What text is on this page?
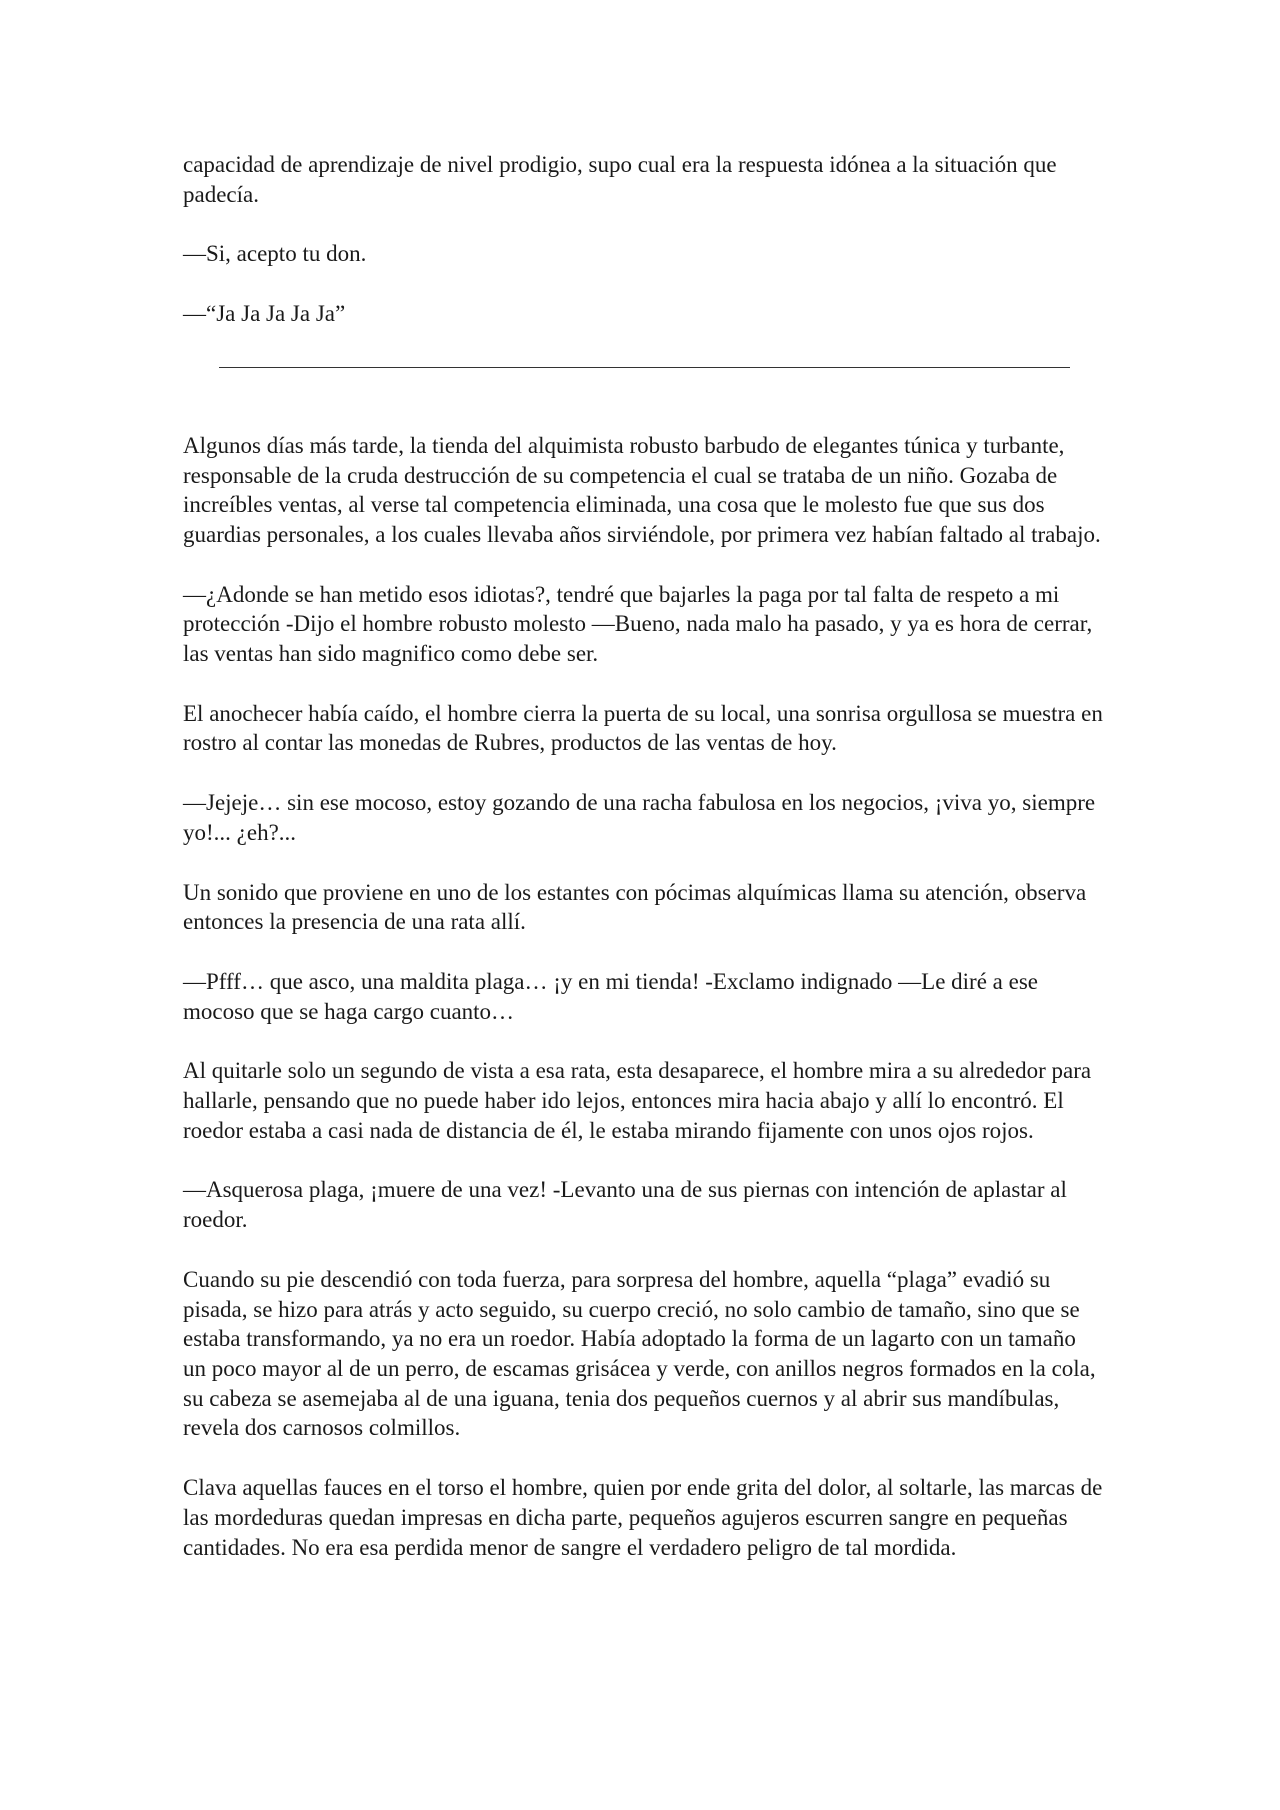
capacidad de aprendizaje de nivel prodigio, supo cual era la respuesta idónea a la situación que padecía.

—Si, acepto tu don.

—“Ja Ja Ja Ja Ja”

Algunos días más tarde, la tienda del alquimista robusto barbudo de elegantes túnica y turbante, responsable de la cruda destrucción de su competencia el cual se trataba de un niño. Gozaba de increíbles ventas, al verse tal competencia eliminada, una cosa que le molesto fue que sus dos guardias personales, a los cuales llevaba años sirviéndole, por primera vez habían faltado al trabajo.

—¿Adonde se han metido esos idiotas?, tendré que bajarles la paga por tal falta de respeto a mi protección -Dijo el hombre robusto molesto —Bueno, nada malo ha pasado, y ya es hora de cerrar, las ventas han sido magnifico como debe ser.

El anochecer había caído, el hombre cierra la puerta de su local, una sonrisa orgullosa se muestra en rostro al contar las monedas de Rubres, productos de las ventas de hoy.

—Jejeje… sin ese mocoso, estoy gozando de una racha fabulosa en los negocios, ¡viva yo, siempre yo!... ¿eh?...

Un sonido que proviene en uno de los estantes con pócimas alquímicas llama su atención, observa entonces la presencia de una rata allí.

—Pfff… que asco, una maldita plaga… ¡y en mi tienda! -Exclamo indignado —Le diré a ese mocoso que se haga cargo cuanto…

Al quitarle solo un segundo de vista a esa rata, esta desaparece, el hombre mira a su alrededor para hallarle, pensando que no puede haber ido lejos, entonces mira hacia abajo y allí lo encontró. El roedor estaba a casi nada de distancia de él, le estaba mirando fijamente con unos ojos rojos.

—Asquerosa plaga, ¡muere de una vez! -Levanto una de sus piernas con intención de aplastar al roedor.

Cuando su pie descendió con toda fuerza, para sorpresa del hombre, aquella “plaga” evadió su pisada, se hizo para atrás y acto seguido, su cuerpo creció, no solo cambio de tamaño, sino que se estaba transformando, ya no era un roedor. Había adoptado la forma de un lagarto con un tamaño un poco mayor al de un perro, de escamas grisácea y verde, con anillos negros formados en la cola, su cabeza se asemejaba al de una iguana, tenia dos pequeños cuernos y al abrir sus mandíbulas, revela dos carnosos colmillos.

Clava aquellas fauces en el torso el hombre, quien por ende grita del dolor, al soltarle, las marcas de las mordeduras quedan impresas en dicha parte, pequeños agujeros escurren sangre en pequeñas cantidades. No era esa perdida menor de sangre el verdadero peligro de tal mordida.
